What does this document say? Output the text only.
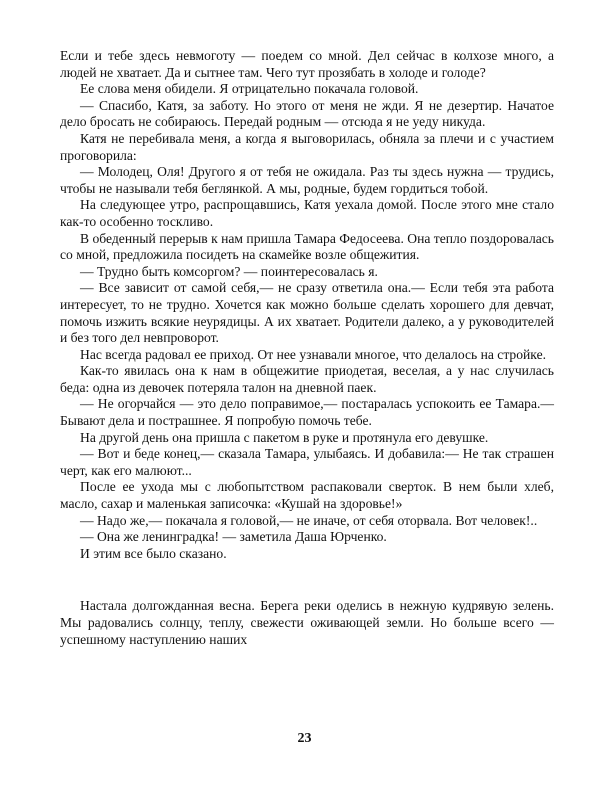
Если и тебе здесь невмоготу — поедем со мной. Дел сейчас в колхозе много, а людей не хватает. Да и сытнее там. Чего тут прозябать в холоде и голоде?

Ее слова меня обидели. Я отрицательно покачала головой.

— Спасибо, Катя, за заботу. Но этого от меня не жди. Я не дезертир. Начатое дело бросать не собираюсь. Передай родным — отсюда я не уеду никуда.

Катя не перебивала меня, а когда я выговорилась, обняла за плечи и с участием проговорила:

— Молодец, Оля! Другого я от тебя не ожидала. Раз ты здесь нужна — трудись, чтобы не называли тебя беглянкой. А мы, родные, будем гордиться тобой.

На следующее утро, распрощавшись, Катя уехала домой. После этого мне стало как-то особенно тоскливо.

В обеденный перерыв к нам пришла Тамара Федосеева. Она тепло поздоровалась со мной, предложила посидеть на скамейке возле общежития.

— Трудно быть комсоргом? — поинтересовалась я.

— Все зависит от самой себя,— не сразу ответила она.— Если тебя эта работа интересует, то не трудно. Хочется как можно больше сделать хорошего для девчат, помочь изжить всякие неурядицы. А их хватает. Родители далеко, а у руководителей и без того дел невпроворот.

Нас всегда радовал ее приход. От нее узнавали многое, что делалось на стройке.

Как-то явилась она к нам в общежитие приодетая, веселая, а у нас случилась беда: одна из девочек потеряла талон на дневной паек.

— Не огорчайся — это дело поправимое,— постаралась успокоить ее Тамара.— Бывают дела и пострашнее. Я попробую помочь тебе.

На другой день она пришла с пакетом в руке и протянула его девушке.

— Вот и беде конец,— сказала Тамара, улыбаясь. И добавила:— Не так страшен черт, как его малюют...

После ее ухода мы с любопытством распаковали сверток. В нем были хлеб, масло, сахар и маленькая записочка: «Кушай на здоровье!»

— Надо же,— покачала я головой,— не иначе, от себя оторвала. Вот человек!..

— Она же ленинградка! — заметила Даша Юрченко.

И этим все было сказано.

Настала долгожданная весна. Берега реки оделись в нежную кудрявую зелень. Мы радовались солнцу, теплу, свежести оживающей земли. Но больше всего — успешному наступлению наших

23
